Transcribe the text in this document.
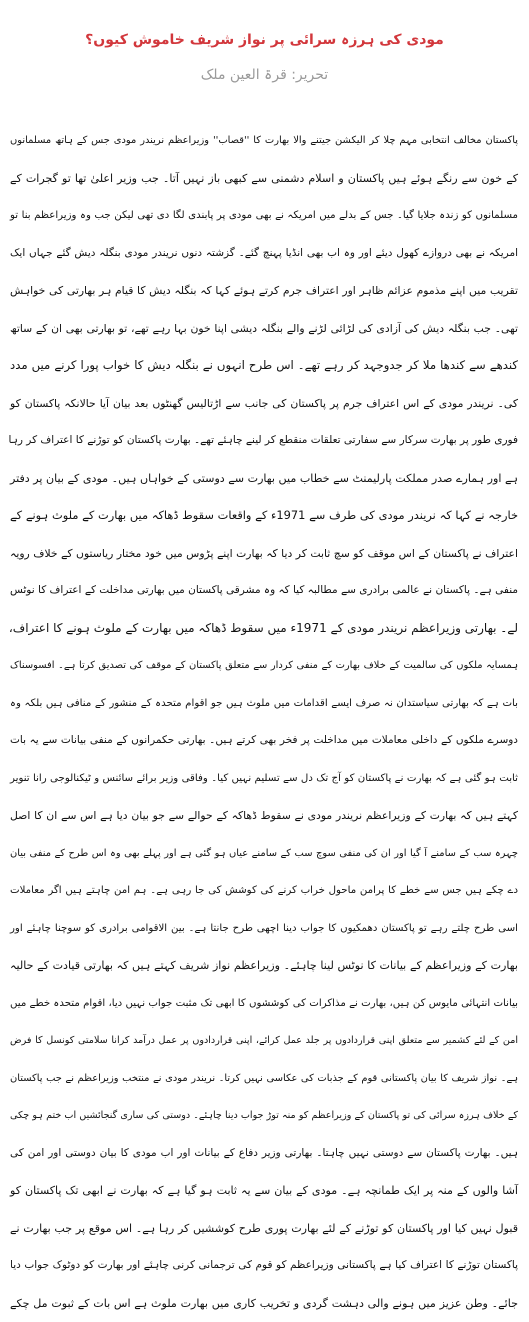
مودی کی ہرزہ سرائی پر نواز شریف خاموش کیوں؟
تحریر: قرۃ العین ملک
پاکستان مخالف انتخابی مہم چلا کر الیکشن جیتنے والا بھارت کا ''قصاب'' وزیراعظم نریندر مودی جس کے ہاتھ مسلمانوں
کے خون سے رنگے ہوئے ہیں پاکستان و اسلام دشمنی سے کبھی باز نہیں آتا۔ جب وزیر اعلیٰ تھا تو گجرات کے
مسلمانوں کو زندہ جلایا گیا۔ جس کے بدلے میں امریکہ نے بھی مودی پر پابندی لگا دی تھی لیکن جب وہ وزیراعظم بنا تو
امریکہ نے بھی دروازے کھول دیئے اور وہ اب بھی انڈیا پہنچ گئے۔ گزشتہ دنوں نریندر مودی بنگلہ دیش گئے جہاں ایک
تقریب میں اپنے مذموم عزائم ظاہر اور اعتراف جرم کرتے ہوئے کہا کہ بنگلہ دیش کا قیام ہر بھارتی کی خواہش
تھی۔ جب بنگلہ دیش کی آزادی کی لڑائی لڑنے والے بنگلہ دیشی اپنا خون بہا رہے تھے، تو بھارتی بھی ان کے ساتھ
کندھے سے کندھا ملا کر جدوجہد کر رہے تھے۔ اس طرح انہوں نے بنگلہ دیش کا خواب پورا کرنے میں مدد
کی۔ نریندر مودی کے اس اعتراف جرم پر پاکستان کی جانب سے اڑتالیس گھنٹوں بعد بیان آیا حالانکہ پاکستان کو
فوری طور پر بھارت سرکار سے سفارتی تعلقات منقطع کر لینے چاہئے تھے۔ بھارت پاکستان کو توڑنے کا اعتراف کر رہا
ہے اور ہمارے صدر مملکت پارلیمنٹ سے خطاب میں بھارت سے دوستی کے خواہاں ہیں۔ مودی کے بیان پر دفتر
خارجہ نے کہا کہ نریندر مودی کی طرف سے 1971ء کے واقعات سقوط ڈھاکہ میں بھارت کے ملوث ہونے کے
اعتراف نے پاکستان کے اس موقف کو سچ ثابت کر دیا کہ بھارت اپنے پڑوس میں خود مختار ریاستوں کے خلاف رویہ
منفی ہے۔ پاکستان نے عالمی برادری سے مطالبہ کیا کہ وہ مشرقی پاکستان میں بھارتی مداخلت کے اعتراف کا نوٹس
لے۔ بھارتی وزیراعظم نریندر مودی کے 1971ء میں سقوط ڈھاکہ میں بھارت کے ملوث ہونے کا اعتراف،
ہمسایہ ملکوں کی سالمیت کے خلاف بھارت کے منفی کردار سے متعلق پاکستان کے موقف کی تصدیق کرتا ہے۔ افسوسناک
بات ہے کہ بھارتی سیاستدان نہ صرف ایسے اقدامات میں ملوث ہیں جو اقوام متحدہ کے منشور کے منافی ہیں بلکہ وہ
دوسرے ملکوں کے داخلی معاملات میں مداخلت پر فخر بھی کرتے ہیں۔ بھارتی حکمرانوں کے منفی بیانات سے یہ بات
ثابت ہو گئی ہے کہ بھارت نے پاکستان کو آج تک دل سے تسلیم نہیں کیا۔ وفاقی وزیر برائے سائنس و ٹیکنالوجی رانا تنویر
کہتے ہیں کہ بھارت کے وزیراعظم نریندر مودی نے سقوط ڈھاکہ کے حوالے سے جو بیان دیا ہے اس سے ان کا اصل
چہرہ سب کے سامنے آ گیا اور ان کی منفی سوچ سب کے سامنے عیاں ہو گئی ہے اور پہلے بھی وہ اس طرح کے منفی بیان
دے چکے ہیں جس سے خطے کا پرامن ماحول خراب کرنے کی کوشش کی جا رہی ہے۔ ہم امن چاہتے ہیں اگر معاملات
اسی طرح چلتے رہے تو پاکستان دھمکیوں کا جواب دینا اچھی طرح جانتا ہے۔ بین الاقوامی برادری کو سوچنا چاہئے اور
بھارت کے وزیراعظم کے بیانات کا نوٹس لینا چاہئے۔ وزیراعظم نواز شریف کہتے ہیں کہ بھارتی قیادت کے حالیہ
بیانات انتہائی مایوس کن ہیں، بھارت نے مذاکرات کی کوششوں کا ابھی تک مثبت جواب نہیں دیا، اقوام متحدہ خطے میں
امن کے لئے کشمیر سے متعلق اپنی قراردادوں پر جلد عمل کرائے، اپنی قراردادوں پر عمل درآمد کرانا سلامتی کونسل کا فرض
ہے۔ نواز شریف کا بیان پاکستانی قوم کے جذبات کی عکاسی نہیں کرتا۔ نریندر مودی نے منتخب وزیراعظم نے جب پاکستان
کے خلاف ہرزہ سرائی کی تو پاکستان کے وزیراعظم کو منہ توڑ جواب دینا چاہئے۔ دوستی کی ساری گنجائشیں اب ختم ہو چکی
ہیں۔ بھارت پاکستان سے دوستی نہیں چاہتا۔ بھارتی وزیر دفاع کے بیانات اور اب مودی کا بیان دوستی اور امن کی
آشا والوں کے منہ پر ایک طمانچہ ہے۔ مودی کے بیان سے یہ ثابت ہو گیا ہے کہ بھارت نے ابھی تک پاکستان کو
قبول نہیں کیا اور پاکستان کو توڑنے کے لئے بھارت پوری طرح کوششیں کر رہا ہے۔ اس موقع پر جب بھارت نے
پاکستان توڑنے کا اعتراف کیا ہے پاکستانی وزیراعظم کو قوم کی ترجمانی کرنی چاہئے اور بھارت کو دوٹوک جواب دیا
جائے۔ وطن عزیز میں ہونے والی دہشت گردی و تخریب کاری میں بھارت ملوث ہے اس بات کے ثبوت مل چکے
